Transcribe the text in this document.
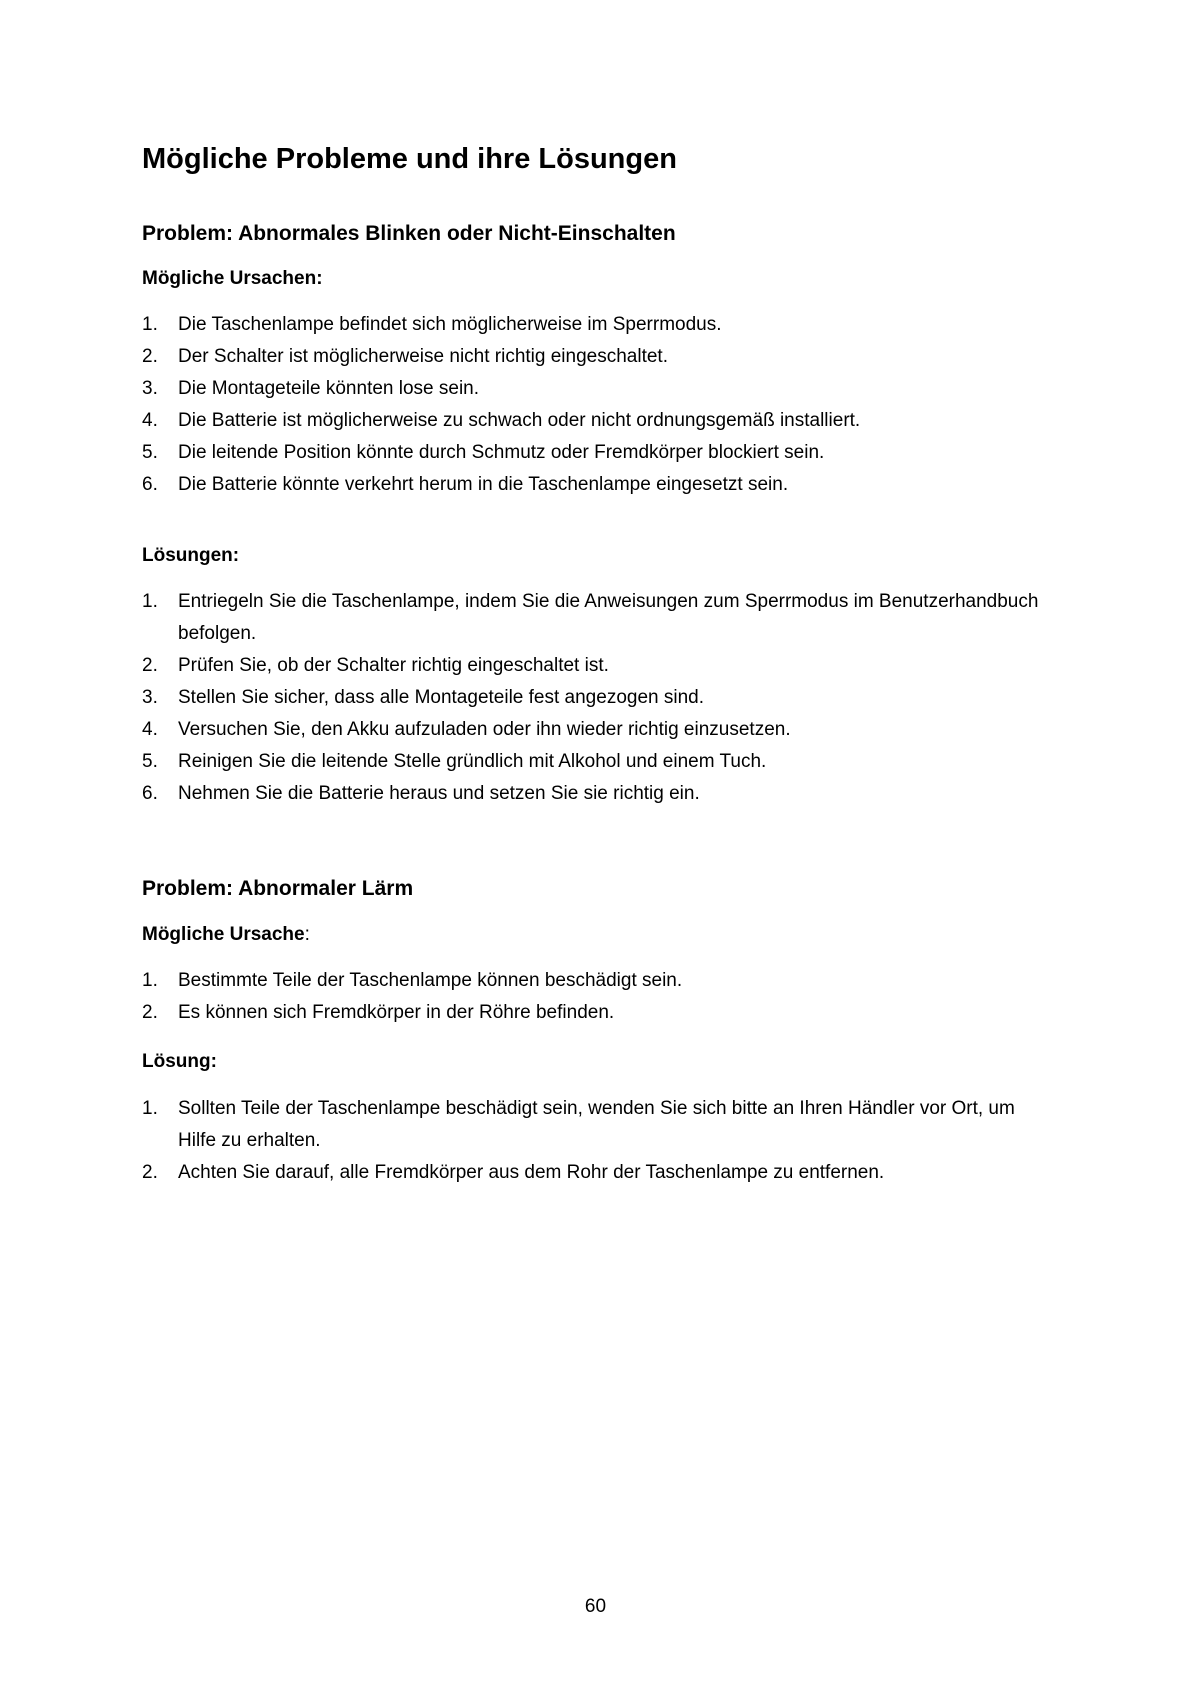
Mögliche Probleme und ihre Lösungen
Problem: Abnormales Blinken oder Nicht-Einschalten

Mögliche Ursachen:

1. Die Taschenlampe befindet sich möglicherweise im Sperrmodus.
2. Der Schalter ist möglicherweise nicht richtig eingeschaltet.
3. Die Montageteile könnten lose sein.
4. Die Batterie ist möglicherweise zu schwach oder nicht ordnungsgemäß installiert.
5. Die leitende Position könnte durch Schmutz oder Fremdkörper blockiert sein.
6. Die Batterie könnte verkehrt herum in die Taschenlampe eingesetzt sein.

Lösungen:

1. Entriegeln Sie die Taschenlampe, indem Sie die Anweisungen zum Sperrmodus im Benutzerhandbuch befolgen.
2. Prüfen Sie, ob der Schalter richtig eingeschaltet ist.
3. Stellen Sie sicher, dass alle Montageteile fest angezogen sind.
4. Versuchen Sie, den Akku aufzuladen oder ihn wieder richtig einzusetzen.
5. Reinigen Sie die leitende Stelle gründlich mit Alkohol und einem Tuch.
6. Nehmen Sie die Batterie heraus und setzen Sie sie richtig ein.
Problem: Abnormaler Lärm

Mögliche Ursache:

1. Bestimmte Teile der Taschenlampe können beschädigt sein.
2. Es können sich Fremdkörper in der Röhre befinden.

Lösung:

1. Sollten Teile der Taschenlampe beschädigt sein, wenden Sie sich bitte an Ihren Händler vor Ort, um Hilfe zu erhalten.
2. Achten Sie darauf, alle Fremdkörper aus dem Rohr der Taschenlampe zu entfernen.
60
